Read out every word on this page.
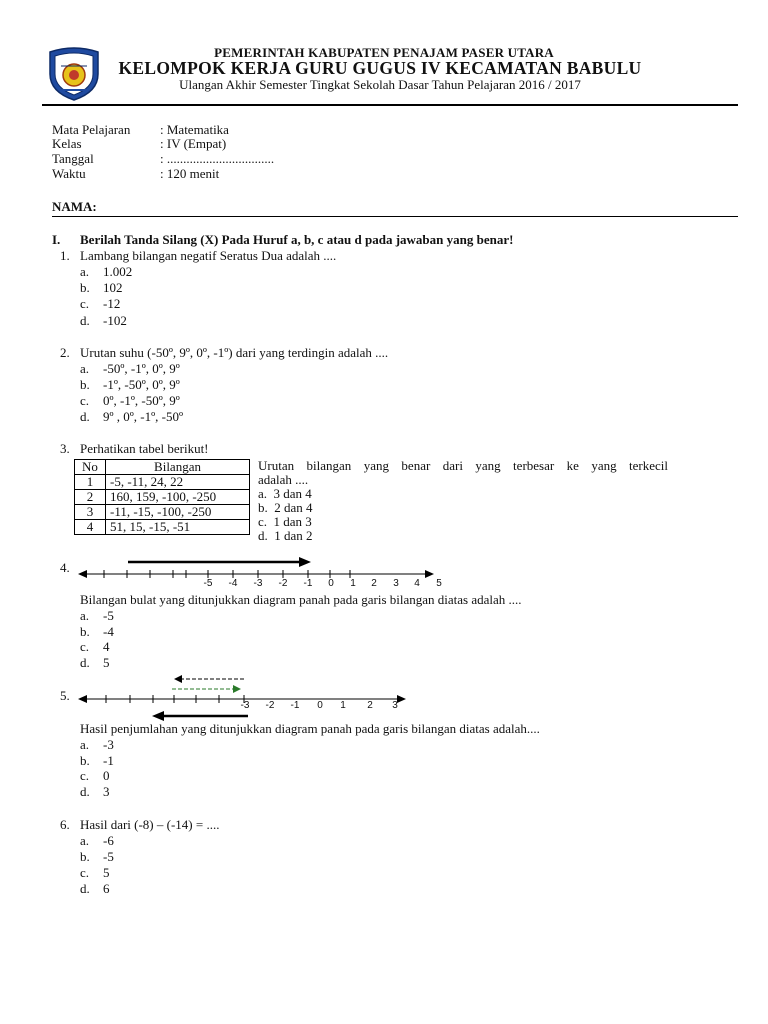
PEMERINTAH KABUPATEN PENAJAM PASER UTARA
KELOMPOK KERJA GURU GUGUS IV KECAMATAN BABULU
Ulangan Akhir Semester Tingkat Sekolah Dasar Tahun Pelajaran 2016 / 2017
Mata Pelajaran : Matematika
Kelas	: IV (Empat)
Tanggal	: .................................
Waktu	: 120 menit
NAMA:
I. Berilah Tanda Silang (X) Pada Huruf a, b, c atau d pada jawaban yang benar!
1. Lambang bilangan negatif Seratus Dua adalah ....
a. 1.002
b. 102
c. -12
d. -102
2. Urutan suhu (-50º, 9º, 0º, -1º) dari yang terdingin adalah ....
a. -50º, -1º, 0º, 9º
b. -1º, -50º, 0º, 9º
c. 0º, -1º, -50º, 9º
d. 9º , 0º, -1º, -50º
3. Perhatikan tabel berikut!
No	Bilangan
1	-5, -11, 24, 22
2	160, 159, -100, -250
3	-11, -15, -100, -250
4	51, 15, -15, -51
Urutan bilangan yang benar dari yang terbesar ke yang terkecil
adalah ....
a. 3 dan 4
b. 2 dan 4
c. 1 dan 3
d. 1 dan 2
4.
-5 -4 -3 -2 -1 0 1 2 3 4 5
Bilangan bulat yang ditunjukkan diagram panah pada garis bilangan diatas adalah ....
a. -5
b. -4
c. 4
d. 5
5.
-3 -2 -1 0 1 2 3
Hasil penjumlahan yang ditunjukkan diagram panah pada garis bilangan diatas adalah....
a. -3
b. -1
c. 0
d. 3
6. Hasil dari (-8) – (-14) = ....
a. -6
b. -5
c. 5
d. 6
